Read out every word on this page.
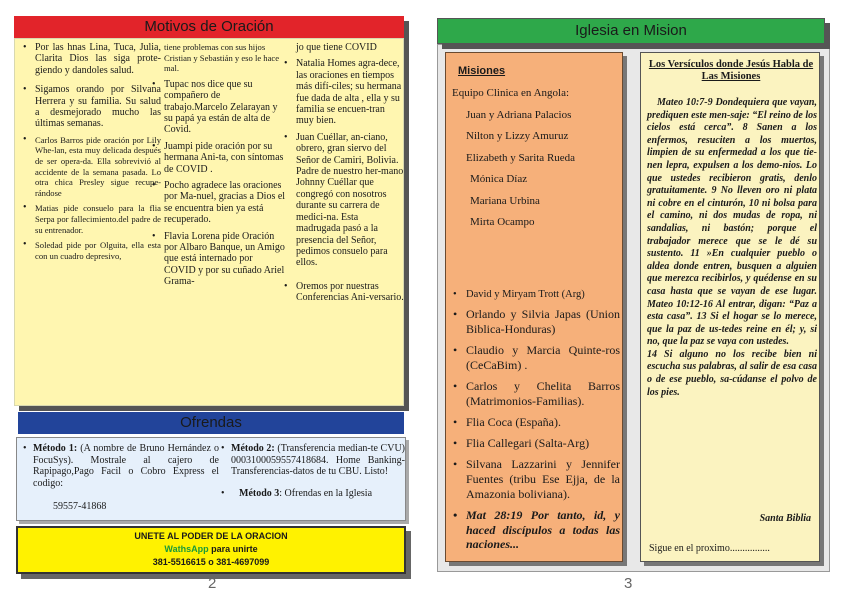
Motivos de Oración
• Por las hnas Lina, Tuca, Julia, Clarita Dios las siga prote-giendo y dandoles salud.
• Sigamos orando por Silvana Herrera y su familia. Su salud a desmejorado mucho las últimas semanas.
• Carlos Barros pide oración por Lily Whe-lan, esta muy delicada después de ser opera-da. Ella sobrevivió al accidente de la semana pasada. Lo otra chica Presley sigue recupe-rándose
• Matias pide consuelo para la flia Serpa por fallecimiento.del padre de su entrenador.
• Soledad pide por Olguita, ella esta con un cuadro depresivo,
tiene problemas con sus hijos Cristian y Sebastián y eso le hace mal.
• Tupac nos dice que su compañero de trabajo.Marcelo Zelarayan y su papá ya están de alta de Covid.
• Juampi pide oración por su hermana Ani-ta, con síntomas de COVID .
• Pocho agradece las oraciones por Ma-nuel, gracias a Dios el se encuentra bien ya está recuperado.
• Flavia Lorena pide Oración por Albaro Banque, un Amigo que está internado por COVID y por su cuñado Ariel Grama-
jo que tiene COVID
• Natalia Homes agra-dece, las oraciones en tiempos más difí-ciles; su hermana fue dada de alta , ella y su familia se encuen-tran muy bien.
• Juan Cuéllar, an-ciano, obrero, gran siervo del Señor de Camiri, Bolivia. Padre de nuestro her-mano Johnny Cuéllar que congregó con nosotros durante su carrera de medici-na. Esta madrugada pasó a la presencia del Señor, pedimos consuelo para ellos.
• Oremos por nuestras Conferencias Ani-versario.
Ofrendas
• Método 1: (A nombre de Bruno Hernández o FocuSys). Mostrale al cajero de Rapipago,Pago Facil o Cobro Express el codigo:
59557-41868
• Método 2: (Transferencia median-te CVU) 0003100059557418684. Home Banking- Transferencias-datos de tu CBU. Listo!
• Método 3: Ofrendas en la Iglesia
UNETE AL PODER DE LA ORACION
WathsApp para unirte
381-5516615 o 381-4697099
2
Iglesia en Mision
Misiones
Equipo Clinica en Angola:
Juan y Adriana Palacios
Nilton y Lizzy Amuruz
Elizabeth y Sarita Rueda
Mónica Díaz
Mariana Urbina
Mirta Ocampo
• David y Miryam Trott (Arg)
• Orlando y Silvia Japas (Union Biblica-Honduras)
• Claudio y Marcia Quinte-ros (CeCaBim) .
• Carlos y Chelita Barros (Matrimonios-Familias).
• Flia Coca (España).
• Flia Callegari (Salta-Arg)
• Silvana Lazzarini y Jennifer Fuentes (tribu Ese Ejja, de la Amazonia boliviana).
• Mat 28:19 Por tanto, id, y haced discípulos a todas las naciones...
Los Versículos donde Jesús Habla de Las Misiones

Mateo 10:7-9 Dondequiera que vayan, prediquen este men-saje: “El reino de los cielos está cerca”. 8 Sanen a los enfermos, resuciten a los muertos, limpien de su enfermedad a los que tie-nen lepra, expulsen a los demo-nios. Lo que ustedes recibieron gratis, denlo gratuitamente. 9 No lleven oro ni plata ni cobre en el cinturón, 10 ni bolsa para el camino, ni dos mudas de ropa, ni sandalias, ni bastón; porque el trabajador merece que se le dé su sustento. 11 »En cualquier pueblo o aldea donde entren, busquen a alguien que merezca recibirlos, y quédense en su casa hasta que se vayan de ese lugar. Mateo 10:12-16 Al entrar, digan: “Paz a esta casa”. 13 Si el hogar se lo merece, que la paz de us-tedes reine en él; y, si no, que la paz se vaya con ustedes.

14 Si alguno no los recibe bien ni escucha sus palabras, al salir de esa casa o de ese pueblo, sa-cúdanse el polvo de los pies.

Santa Biblia
Sigue en el proximo................
3
